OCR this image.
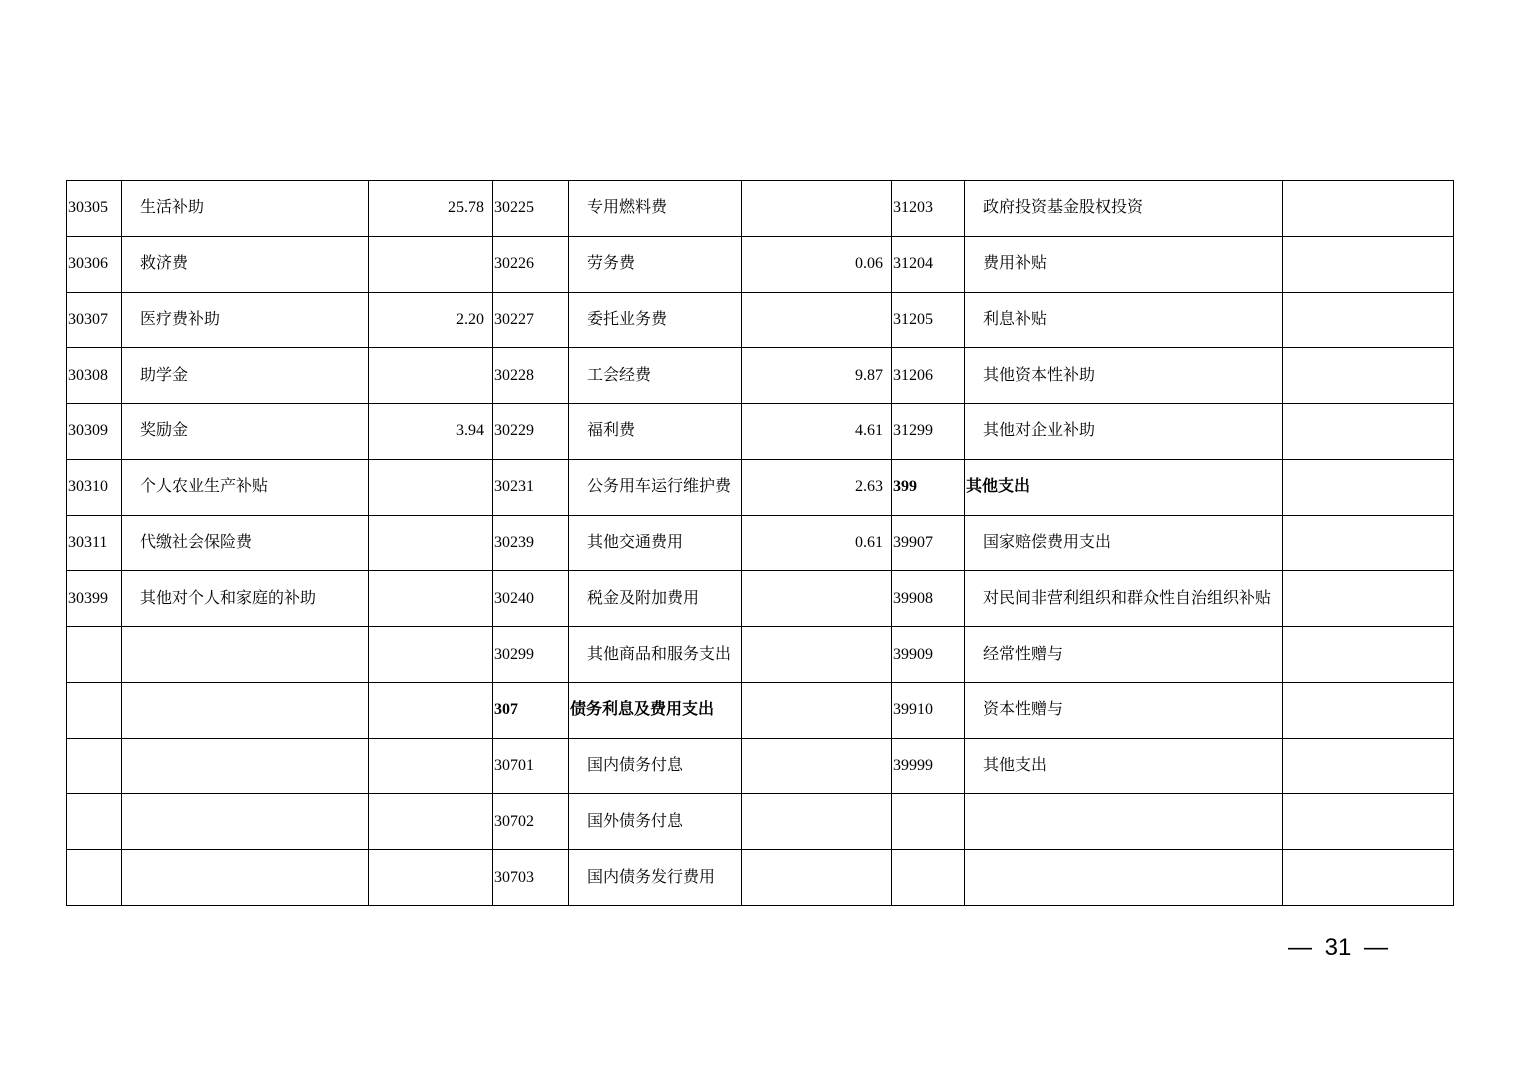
30305	生活补助	25.78	30225	专用燃料费		31203	政府投资基金股权投资	
30306	救济费		30226	劳务费	0.06	31204	费用补贴	
30307	医疗费补助	2.20	30227	委托业务费		31205	利息补贴	
30308	助学金		30228	工会经费	9.87	31206	其他资本性补助	
30309	奖励金	3.94	30229	福利费	4.61	31299	其他对企业补助	
30310	个人农业生产补贴		30231	公务用车运行维护费	2.63	399	其他支出	
30311	代缴社会保险费		30239	其他交通费用	0.61	39907	国家赔偿费用支出	
30399	其他对个人和家庭的补助		30240	税金及附加费用		39908	对民间非营利组织和群众性自治组织补贴	
			30299	其他商品和服务支出		39909	经常性赠与	
			307	债务利息及费用支出		39910	资本性赠与	
			30701	国内债务付息		39999	其他支出	
			30702	国外债务付息				
			30703	国内债务发行费用				
— 31 —
